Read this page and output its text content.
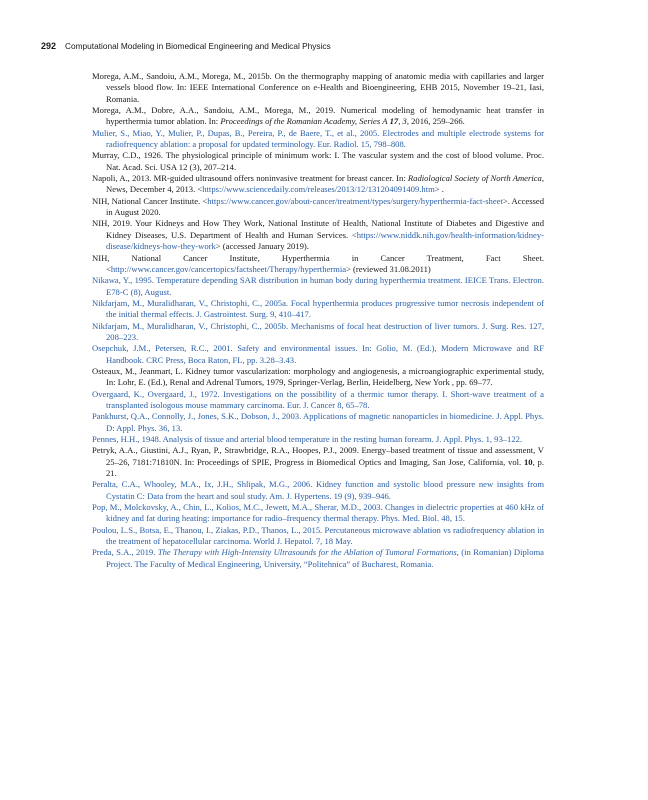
292 Computational Modeling in Biomedical Engineering and Medical Physics
Morega, A.M., Sandoiu, A.M., Morega, M., 2015b. On the thermography mapping of anatomic media with capillaries and larger vessels blood flow. In: IEEE International Conference on e-Health and Bioengineering, EHB 2015, November 19–21, Iasi, Romania.
Morega, A.M., Dobre, A.A., Sandoiu, A.M., Morega, M., 2019. Numerical modeling of hemodynamic heat transfer in hyperthermia tumor ablation. In: Proceedings of the Romanian Academy, Series A 17, 3, 2016, 259–266.
Mulier, S., Miao, Y., Mulier, P., Dupas, B., Pereira, P., de Baere, T., et al., 2005. Electrodes and multiple electrode systems for radiofrequency ablation: a proposal for updated terminology. Eur. Radiol. 15, 798–808.
Murray, C.D., 1926. The physiological principle of minimum work: I. The vascular system and the cost of blood volume. Proc. Nat. Acad. Sci. USA 12 (3), 207–214.
Napoli, A., 2013. MR-guided ultrasound offers noninvasive treatment for breast cancer. In: Radiological Society of North America, News, December 4, 2013. <https://www.sciencedaily.com/releases/2013/12/131204091409.htm> .
NIH, National Cancer Institute. <https://www.cancer.gov/about-cancer/treatment/types/surgery/hyperthermia-fact-sheet>. Accessed in August 2020.
NIH, 2019. Your Kidneys and How They Work, National Institute of Health, National Institute of Diabetes and Digestive and Kidney Diseases, U.S. Department of Health and Human Services. <https://www.niddk.nih.gov/health-information/kidney-disease/kidneys-how-they-work> (accessed January 2019).
NIH, National Cancer Institute, Hyperthermia in Cancer Treatment, Fact Sheet. <http://www.cancer.gov/cancertopics/factsheet/Therapy/hyperthermia> (reviewed 31.08.2011)
Nikawa, Y., 1995. Temperature depending SAR distribution in human body during hyperthermia treatment. IEICE Trans. Electron. E78-C (8), August.
Nikfarjam, M., Muralidharan, V., Christophi, C., 2005a. Focal hyperthermia produces progressive tumor necrosis independent of the initial thermal effects. J. Gastrointest. Surg. 9, 410–417.
Nikfarjam, M., Muralidharan, V., Christophi, C., 2005b. Mechanisms of focal heat destruction of liver tumors. J. Surg. Res. 127, 208–223.
Osepchuk, J.M., Petersen, R.C., 2001. Safety and environmental issues. In: Golio, M. (Ed.), Modern Microwave and RF Handbook. CRC Press, Boca Raton, FL, pp. 3.28–3.43.
Osteaux, M., Jeanmart, L. Kidney tumor vascularization: morphology and angiogenesis, a microangiographic experimental study, In: Lohr, E. (Ed.), Renal and Adrenal Tumors, 1979, Springer-Verlag, Berlin, Heidelberg, New York , pp. 69–77.
Overgaard, K., Overgaard, J., 1972. Investigations on the possibility of a thermic tumor therapy. I. Short-wave treatment of a transplanted isologous mouse mammary carcinoma. Eur. J. Cancer 8, 65–78.
Pankhurst, Q.A., Connolly, J., Jones, S.K., Dobson, J., 2003. Applications of magnetic nanoparticles in biomedicine. J. Appl. Phys. D: Appl. Phys. 36, 13.
Pennes, H.H., 1948. Analysis of tissue and arterial blood temperature in the resting human forearm. J. Appl. Phys. 1, 93–122.
Petryk, A.A., Giustini, A.J., Ryan, P., Strawbridge, R.A., Hoopes, P.J., 2009. Energy–based treatment of tissue and assessment, V 25–26, 7181:71810N. In: Proceedings of SPIE, Progress in Biomedical Optics and Imaging, San Jose, California, vol. 10, p. 21.
Peralta, C.A., Whooley, M.A., Ix, J.H., Shlipak, M.G., 2006. Kidney function and systolic blood pressure new insights from Cystatin C: Data from the heart and soul study. Am. J. Hypertens. 19 (9), 939–946.
Pop, M., Molckovsky, A., Chin, L., Kolios, M.C., Jewett, M.A., Sherar, M.D., 2003. Changes in dielectric properties at 460 kHz of kidney and fat during heating: importance for radio–frequency thermal therapy. Phys. Med. Biol. 48, 15.
Poulou, L.S., Botsa, E., Thanou, I., Ziakas, P.D., Thanos, L., 2015. Percutaneous microwave ablation vs radiofrequency ablation in the treatment of hepatocellular carcinoma. World J. Hepatol. 7, 18 May.
Preda, S.A., 2019. The Therapy with High-Intensity Ultrasounds for the Ablation of Tumoral Formations, (in Romanian) Diploma Project. The Faculty of Medical Engineering, University, “Politehnica” of Bucharest, Romania.
